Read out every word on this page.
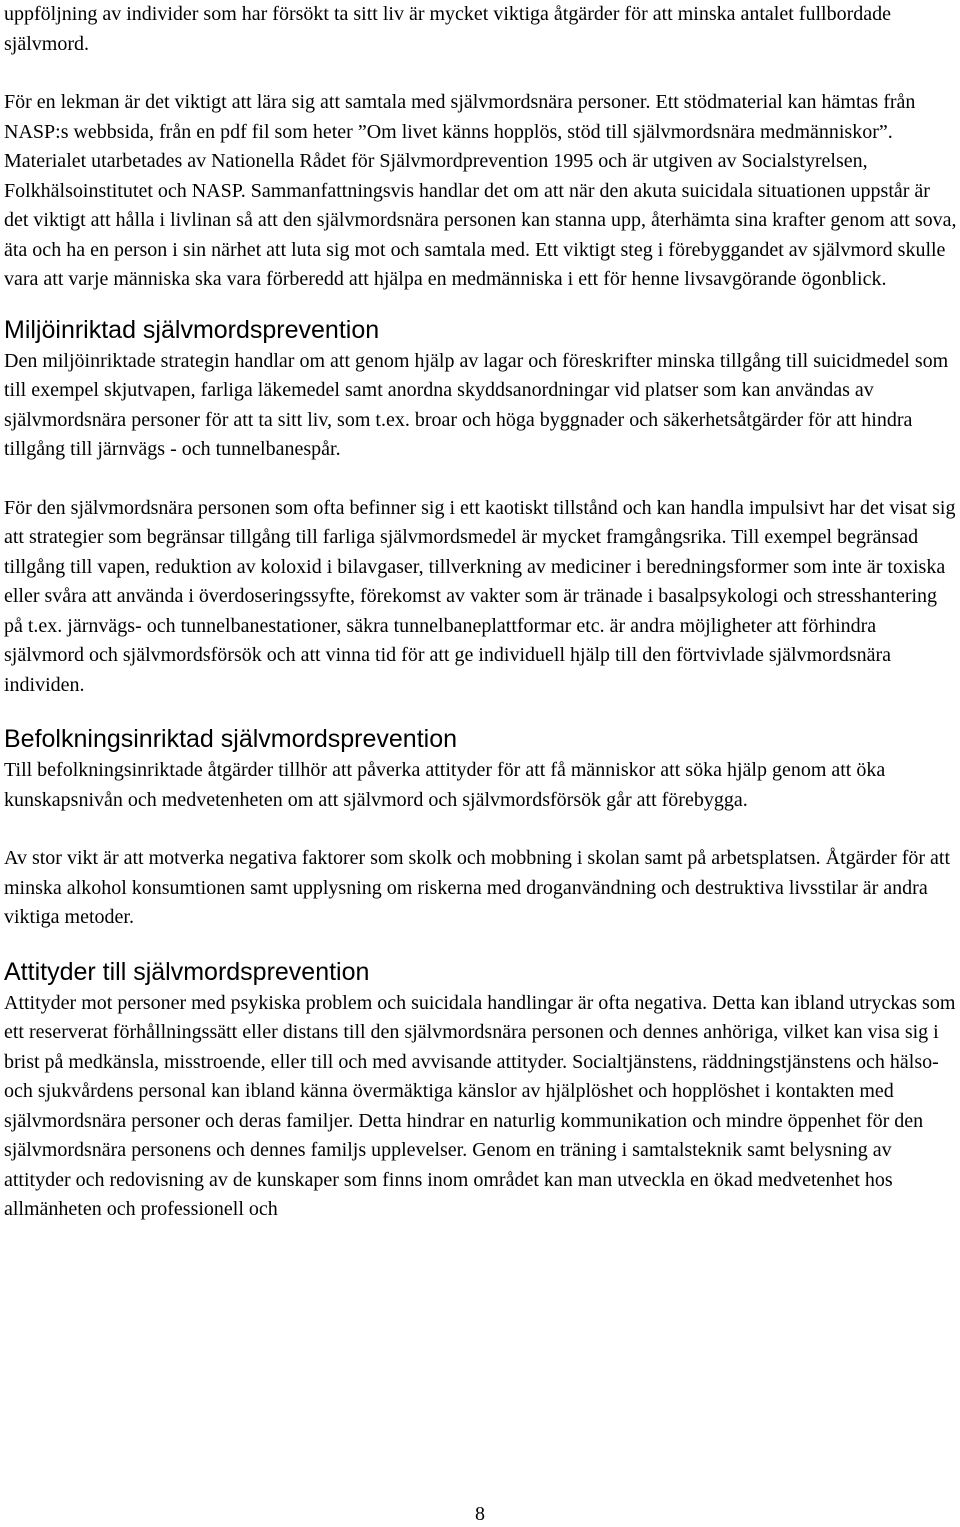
uppföljning av individer som har försökt ta sitt liv är mycket viktiga åtgärder för att minska antalet fullbordade självmord.

För en lekman är det viktigt att lära sig att samtala med självmordsnära personer. Ett stödmaterial kan hämtas från NASP:s webbsida, från en pdf fil som heter ”Om livet känns hopplös, stöd till självmordsnära medmänniskor”. Materialet utarbetades av Nationella Rådet för Självmordprevention 1995 och är utgiven av Socialstyrelsen, Folkhälsoinstitutet och NASP. Sammanfattningsvis handlar det om att när den akuta suicidala situationen uppstår är det viktigt att hålla i livlinan så att den självmordsnära personen kan stanna upp, återhämta sina krafter genom att sova, äta och ha en person i sin närhet att luta sig mot och samtala med. Ett viktigt steg i förebyggandet av självmord skulle vara att varje människa ska vara förberedd att hjälpa en medmänniska i ett för henne livsavgörande ögonblick.

Miljöinriktad självmordsprevention

Den miljöinriktade strategin handlar om att genom hjälp av lagar och föreskrifter minska tillgång till suicidmedel som till exempel skjutvapen, farliga läkemedel samt anordna skyddsanordningar vid platser som kan användas av självmordsnära personer för att ta sitt liv, som t.ex. broar och höga byggnader och säkerhetsåtgärder för att hindra tillgång till järnvägs - och tunnelbanespår.

För den självmordsnära personen som ofta befinner sig i ett kaotiskt tillstånd och kan handla impulsivt har det visat sig att strategier som begränsar tillgång till farliga självmordsmedel är mycket framgångsrika. Till exempel begränsad tillgång till vapen, reduktion av koloxid i bilavgaser, tillverkning av mediciner i beredningsformer som inte är toxiska eller svåra att använda i överdoseringssyfte, förekomst av vakter som är tränade i basalpsykologi och stresshantering på t.ex. järnvägs- och tunnelbanestationer, säkra tunnelbaneplattformar etc. är andra möjligheter att förhindra självmord och självmordsförsök och att vinna tid för att ge individuell hjälp till den förtvivlade självmordsnära individen.

Befolkningsinriktad självmordsprevention

Till befolkningsinriktade åtgärder tillhör att påverka attityder för att få människor att söka hjälp genom att öka kunskapsnivån och medvetenheten om att självmord och självmordsförsök går att förebygga.

Av stor vikt är att motverka negativa faktorer som skolk och mobbning i skolan samt på arbetsplatsen. Åtgärder för att minska alkohol konsumtionen samt upplysning om riskerna med droganvändning och destruktiva livsstilar är andra viktiga metoder.

Attityder till självmordsprevention

Attityder mot personer med psykiska problem och suicidala handlingar är ofta negativa. Detta kan ibland utryckas som ett reserverat förhållningssätt eller distans till den självmordsnära personen och dennes anhöriga, vilket kan visa sig i brist på medkänsla, misstroende, eller till och med avvisande attityder. Socialtjänstens, räddningstjänstens och hälso-och sjukvårdens personal kan ibland känna övermäktiga känslor av hjälplöshet och hopplöshet i kontakten med självmordsnära personer och deras familjer. Detta hindrar en naturlig kommunikation och mindre öppenhet för den självmordsnära personens och dennes familjs upplevelser. Genom en träning i samtalsteknik samt belysning av attityder och redovisning av de kunskaper som finns inom området kan man utveckla en ökad medvetenhet hos allmänheten och professionell och

8
